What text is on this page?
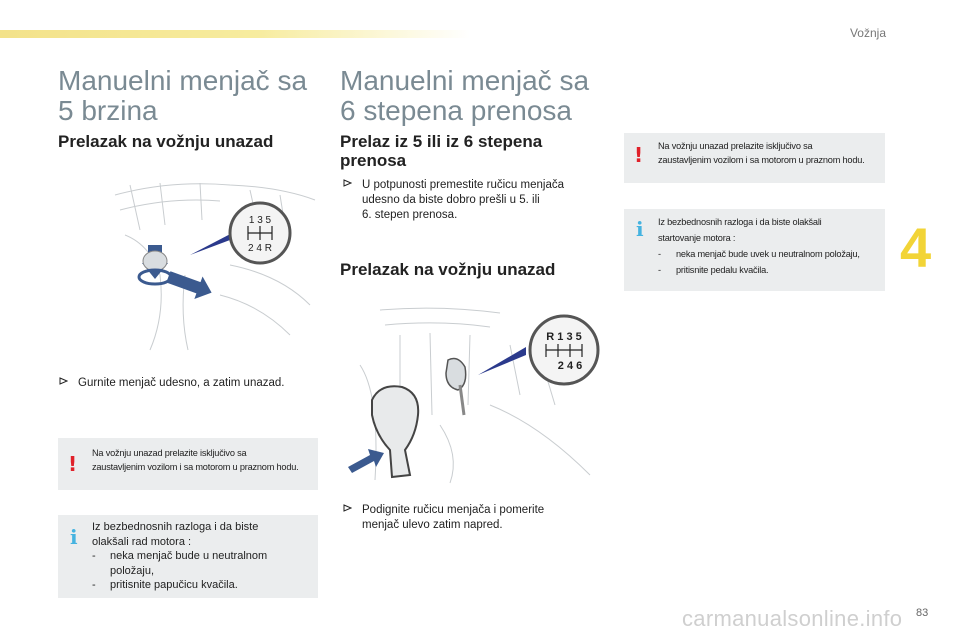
Vožnja
4
Manuelni menjač sa
5 brzina
Prelazak na vožnju unazad
1 3 5
2 4 R
Gurnite menjač udesno, a zatim unazad.
! Na vožnju unazad prelazite isključivo sa
zaustavljenim vozilom i sa motorom u praznom hodu.
i Iz bezbednosnih razloga i da biste
olakšali rad motora :
-	neka menjač bude u neutralnom
položaju,
-	pritisnite papučicu kvačila.
Manuelni menjač sa
6 stepena prenosa
Prelaz iz 5 ili iz 6 stepena
prenosa
U potpunosti premestite ručicu menjača
udesno da biste dobro prešli u 5. ili
6. stepen prenosa.
Prelazak na vožnju unazad
R 1 3 5
2 4 6
Podignite ručicu menjača i pomerite
menjač ulevo zatim napred.
! Na vožnju unazad prelazite isključivo sa
zaustavljenim vozilom i sa motorom u praznom hodu.
i Iz bezbednosnih razloga i da biste olakšali
startovanje motora :
-	neka menjač bude uvek u neutralnom položaju,
-	pritisnite pedalu kvačila.
carmanualsonline.info 83
